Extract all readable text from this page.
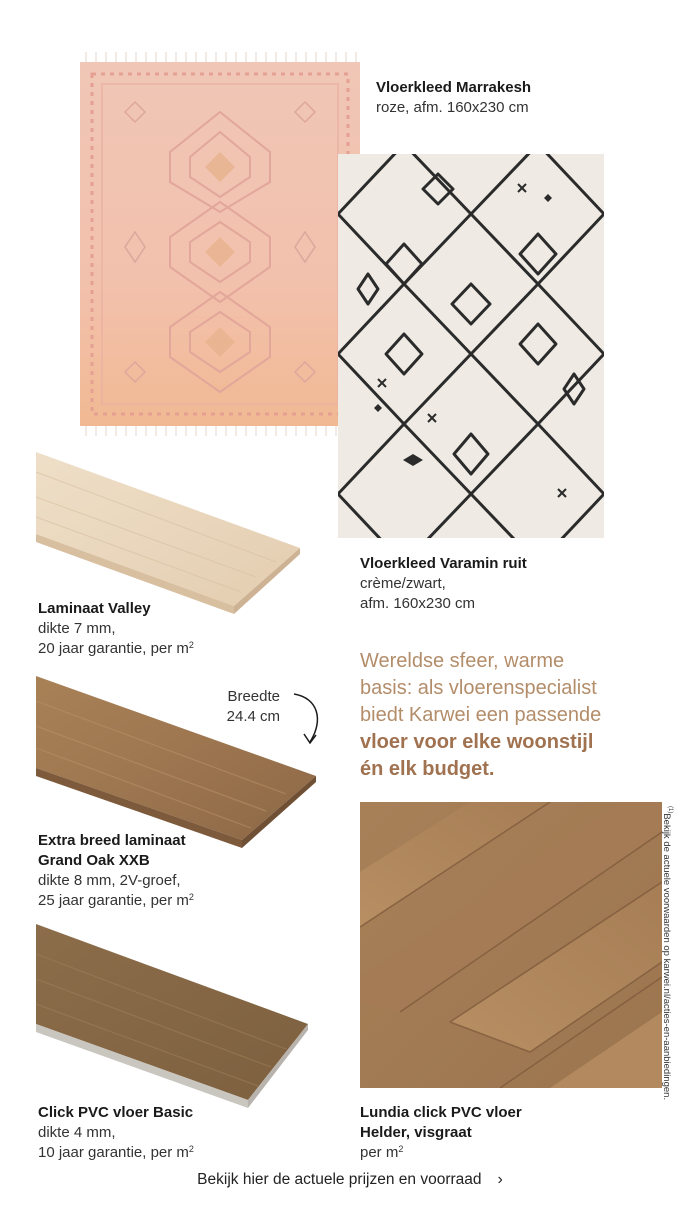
Vloerkleed Marrakesh
roze, afm. 160x230 cm
Vloerkleed Varamin ruit
crème/zwart,
afm. 160x230 cm
Laminaat Valley
dikte 7 mm,
20 jaar garantie, per $m^2$
Wereldse sfeer, warme
basis: als vloerenspecialist
biedt Karwei een passende
vloer voor elke woonstijl
én elk budget.
Breedte
24.4 cm
Extra breed laminaat
Grand Oak XXB
dikte 8 mm, 2V-groef,
25 jaar garantie, per $m^2$
Click PVC vloer Basic
dikte 4 mm,
10 jaar garantie, per $m^2$
Lundia click PVC vloer
Helder, visgraat
per $m^2$
$^{(1)}$Bekijk de actuele voorwaarden op karwei.nl/acties-en-aanbiedingen.
Bekijk hier de actuele prijzen en voorraad ›
